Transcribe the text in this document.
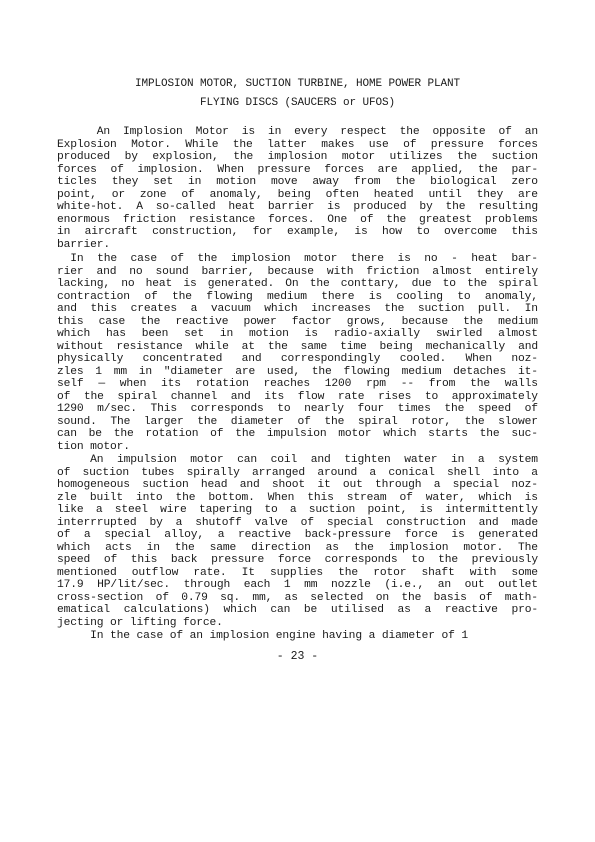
IMPLOSION MOTOR, SUCTION TURBINE, HOME POWER PLANT
FLYING DISCS (SAUCERS or UFOS)
An Implosion Motor is in every respect the opposite of an
Explosion Motor. While the latter makes use of pressure forces
produced by explosion, the implosion motor utilizes the suction
forces of implosion. When pressure forces are applied, the par-
ticles they set in motion move away from the biological zero
point, or zone of anomaly, being often heated until they are
white-hot. A so-called heat barrier is produced by the resulting
enormous friction resistance forces. One of the greatest problems
in aircraft construction, for example, is how to overcome this
barrier.
In the case of the implosion motor there is no - heat bar-
rier and no sound barrier, because with friction almost entirely
lacking, no heat is generated. On the conttary, due to the spiral
contraction of the flowing medium there is cooling to anomaly,
and this creates a vacuum which increases the suction pull. In
this case the reactive power factor grows, because the medium
which has been set in motion is radio-axially swirled almost
without resistance while at the same time being mechanically and
physically concentrated and correspondingly cooled. When noz-
zles 1 mm in "diameter are used, the flowing medium detaches it-
self — when its rotation reaches 1200 rpm -- from the walls
of the spiral channel and its flow rate rises to approximately
1290 m/sec. This corresponds to nearly four times the speed of
sound. The larger the diameter of the spiral rotor, the slower
can be the rotation of the impulsion motor which starts the suc-
tion motor.
An impulsion motor can coil and tighten water in a system
of suction tubes spirally arranged around a conical shell into a
homogeneous suction head and shoot it out through a special noz-
zle built into the bottom. When this stream of water, which is
like a steel wire tapering to a suction point, is intermittently
interrrupted by a shutoff valve of special construction and made
of a special alloy, a reactive back-pressure force is generated
which acts in the same direction as the implosion motor. The
speed of this back pressure force corresponds to the previously
mentioned outflow rate. It supplies the rotor shaft with some
17.9 HP/lit/sec. through each 1 mm nozzle (i.e., an out outlet
cross-section of 0.79 sq. mm, as selected on the basis of math-
ematical calculations) which can be utilised as a reactive pro-
jecting or lifting force.
In the case of an implosion engine having a diameter of 1
- 23 -
